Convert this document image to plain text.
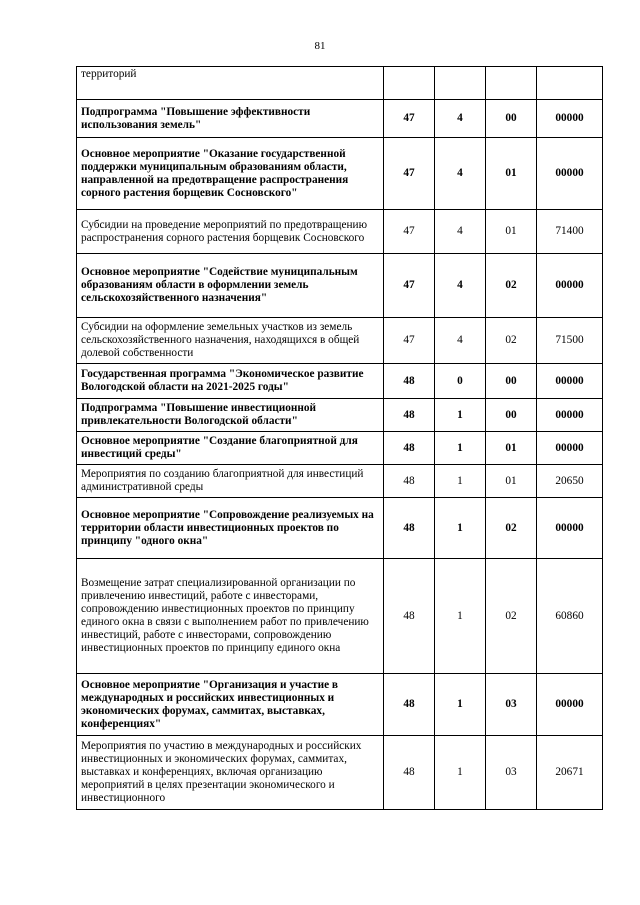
81
территорий				
Подпрограмма "Повышение эффективности использования земель"	47	4	00	00000
Основное мероприятие "Оказание государственной поддержки муниципальным образованиям области, направленной на предотвращение распространения сорного растения борщевик Сосновского"	47	4	01	00000
Субсидии на проведение мероприятий по предотвращению распространения сорного растения борщевик Сосновского	47	4	01	71400
Основное мероприятие "Содействие муниципальным образованиям области в оформлении земель сельскохозяйственного назначения"	47	4	02	00000
Субсидии на оформление земельных участков из земель сельскохозяйственного назначения, находящихся в общей долевой собственности	47	4	02	71500
Государственная программа "Экономическое развитие Вологодской области на 2021-2025 годы"	48	0	00	00000
Подпрограмма "Повышение инвестиционной привлекательности Вологодской области"	48	1	00	00000
Основное мероприятие "Создание благоприятной для инвестиций среды"	48	1	01	00000
Мероприятия по созданию благоприятной для инвестиций административной среды	48	1	01	20650
Основное мероприятие "Сопровождение реализуемых на территории области инвестиционных проектов по принципу "одного окна"	48	1	02	00000
Возмещение затрат специализированной организации по привлечению инвестиций, работе с инвесторами, сопровождению инвестиционных проектов по принципу единого окна в связи с выполнением работ по привлечению инвестиций, работе с инвесторами, сопровождению инвестиционных проектов по принципу единого окна	48	1	02	60860
Основное мероприятие "Организация и участие в международных и российских инвестиционных и экономических форумах, саммитах, выставках, конференциях"	48	1	03	00000
Мероприятия по участию в международных и российских инвестиционных и экономических форумах, саммитах, выставках и конференциях, включая организацию мероприятий в целях презентации экономического и инвестиционного	48	1	03	20671
